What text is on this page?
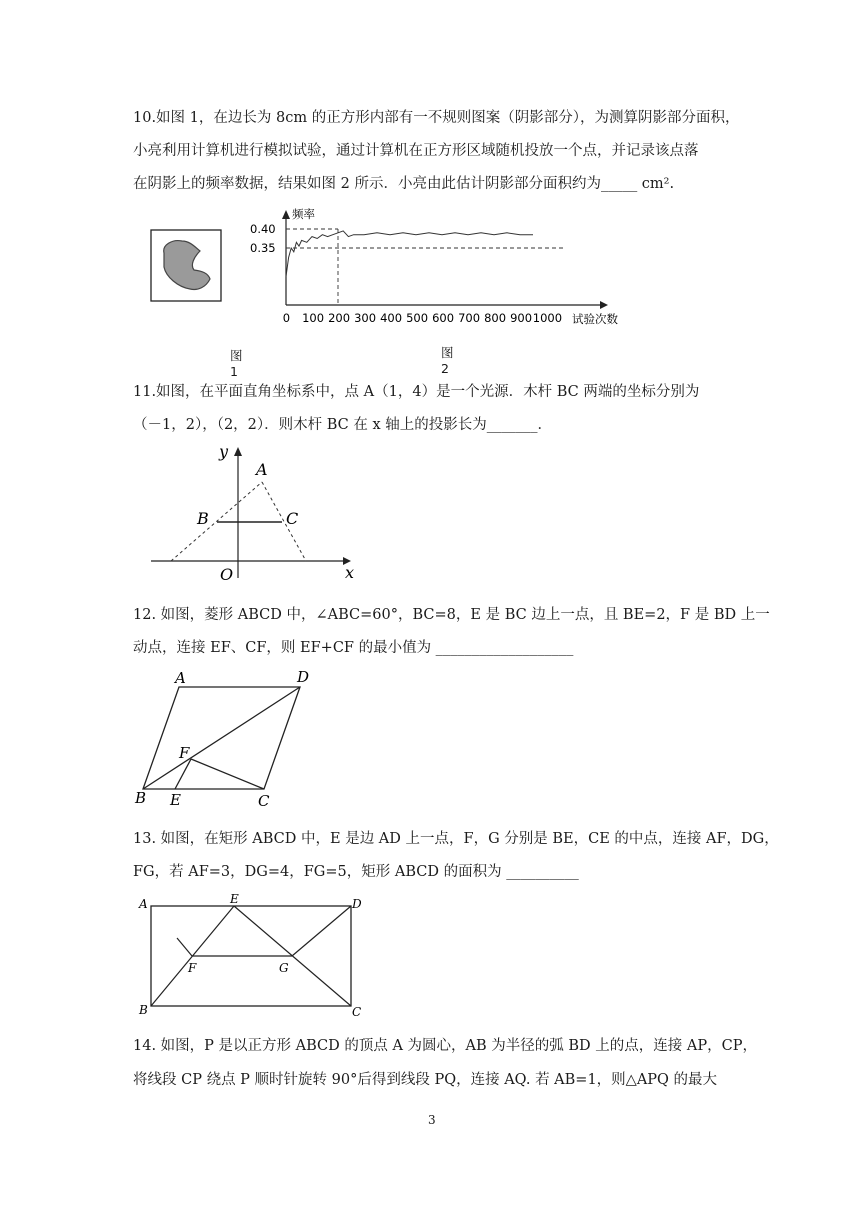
10.如图 1，在边长为 8cm 的正方形内部有一不规则图案（阴影部分），为测算阴影部分面积，
小亮利用计算机进行模拟试验，通过计算机在正方形区域随机投放一个点，并记录该点落
在阴影上的频率数据，结果如图 2 所示．小亮由此估计阴影部分面积约为_____ cm².
图1
频率
0.40
0.35
0 100 200 300 400 500 600 700 800 900 1000 试验次数
图2
11.如图，在平面直角坐标系中，点 A（1，4）是一个光源．木杆 BC 两端的坐标分别为
（－1，2），（2，2）．则木杆 BC 在 x 轴上的投影长为_______．
y
x
O
A
B	C
12. 如图，菱形 ABCD 中，∠ABC=60°，BC=8，E 是 BC 边上一点，且 BE=2，F 是 BD 上一
动点，连接 EF、CF，则 EF+CF 的最小值为 ___________________
A	D
B E	C
F
13. 如图，在矩形 ABCD 中，E 是边 AD 上一点，F，G 分别是 BE，CE 的中点，连接 AF，DG，
FG，若 AF=3，DG=4，FG=5，矩形 ABCD 的面积为 __________
A	E	D
B	C
F	G
14. 如图，P 是以正方形 ABCD 的顶点 A 为圆心，AB 为半径的弧 BD 上的点，连接 AP，CP，
将线段 CP 绕点 P 顺时针旋转 90°后得到线段 PQ，连接 AQ. 若 AB=1，则△APQ 的最大
3
